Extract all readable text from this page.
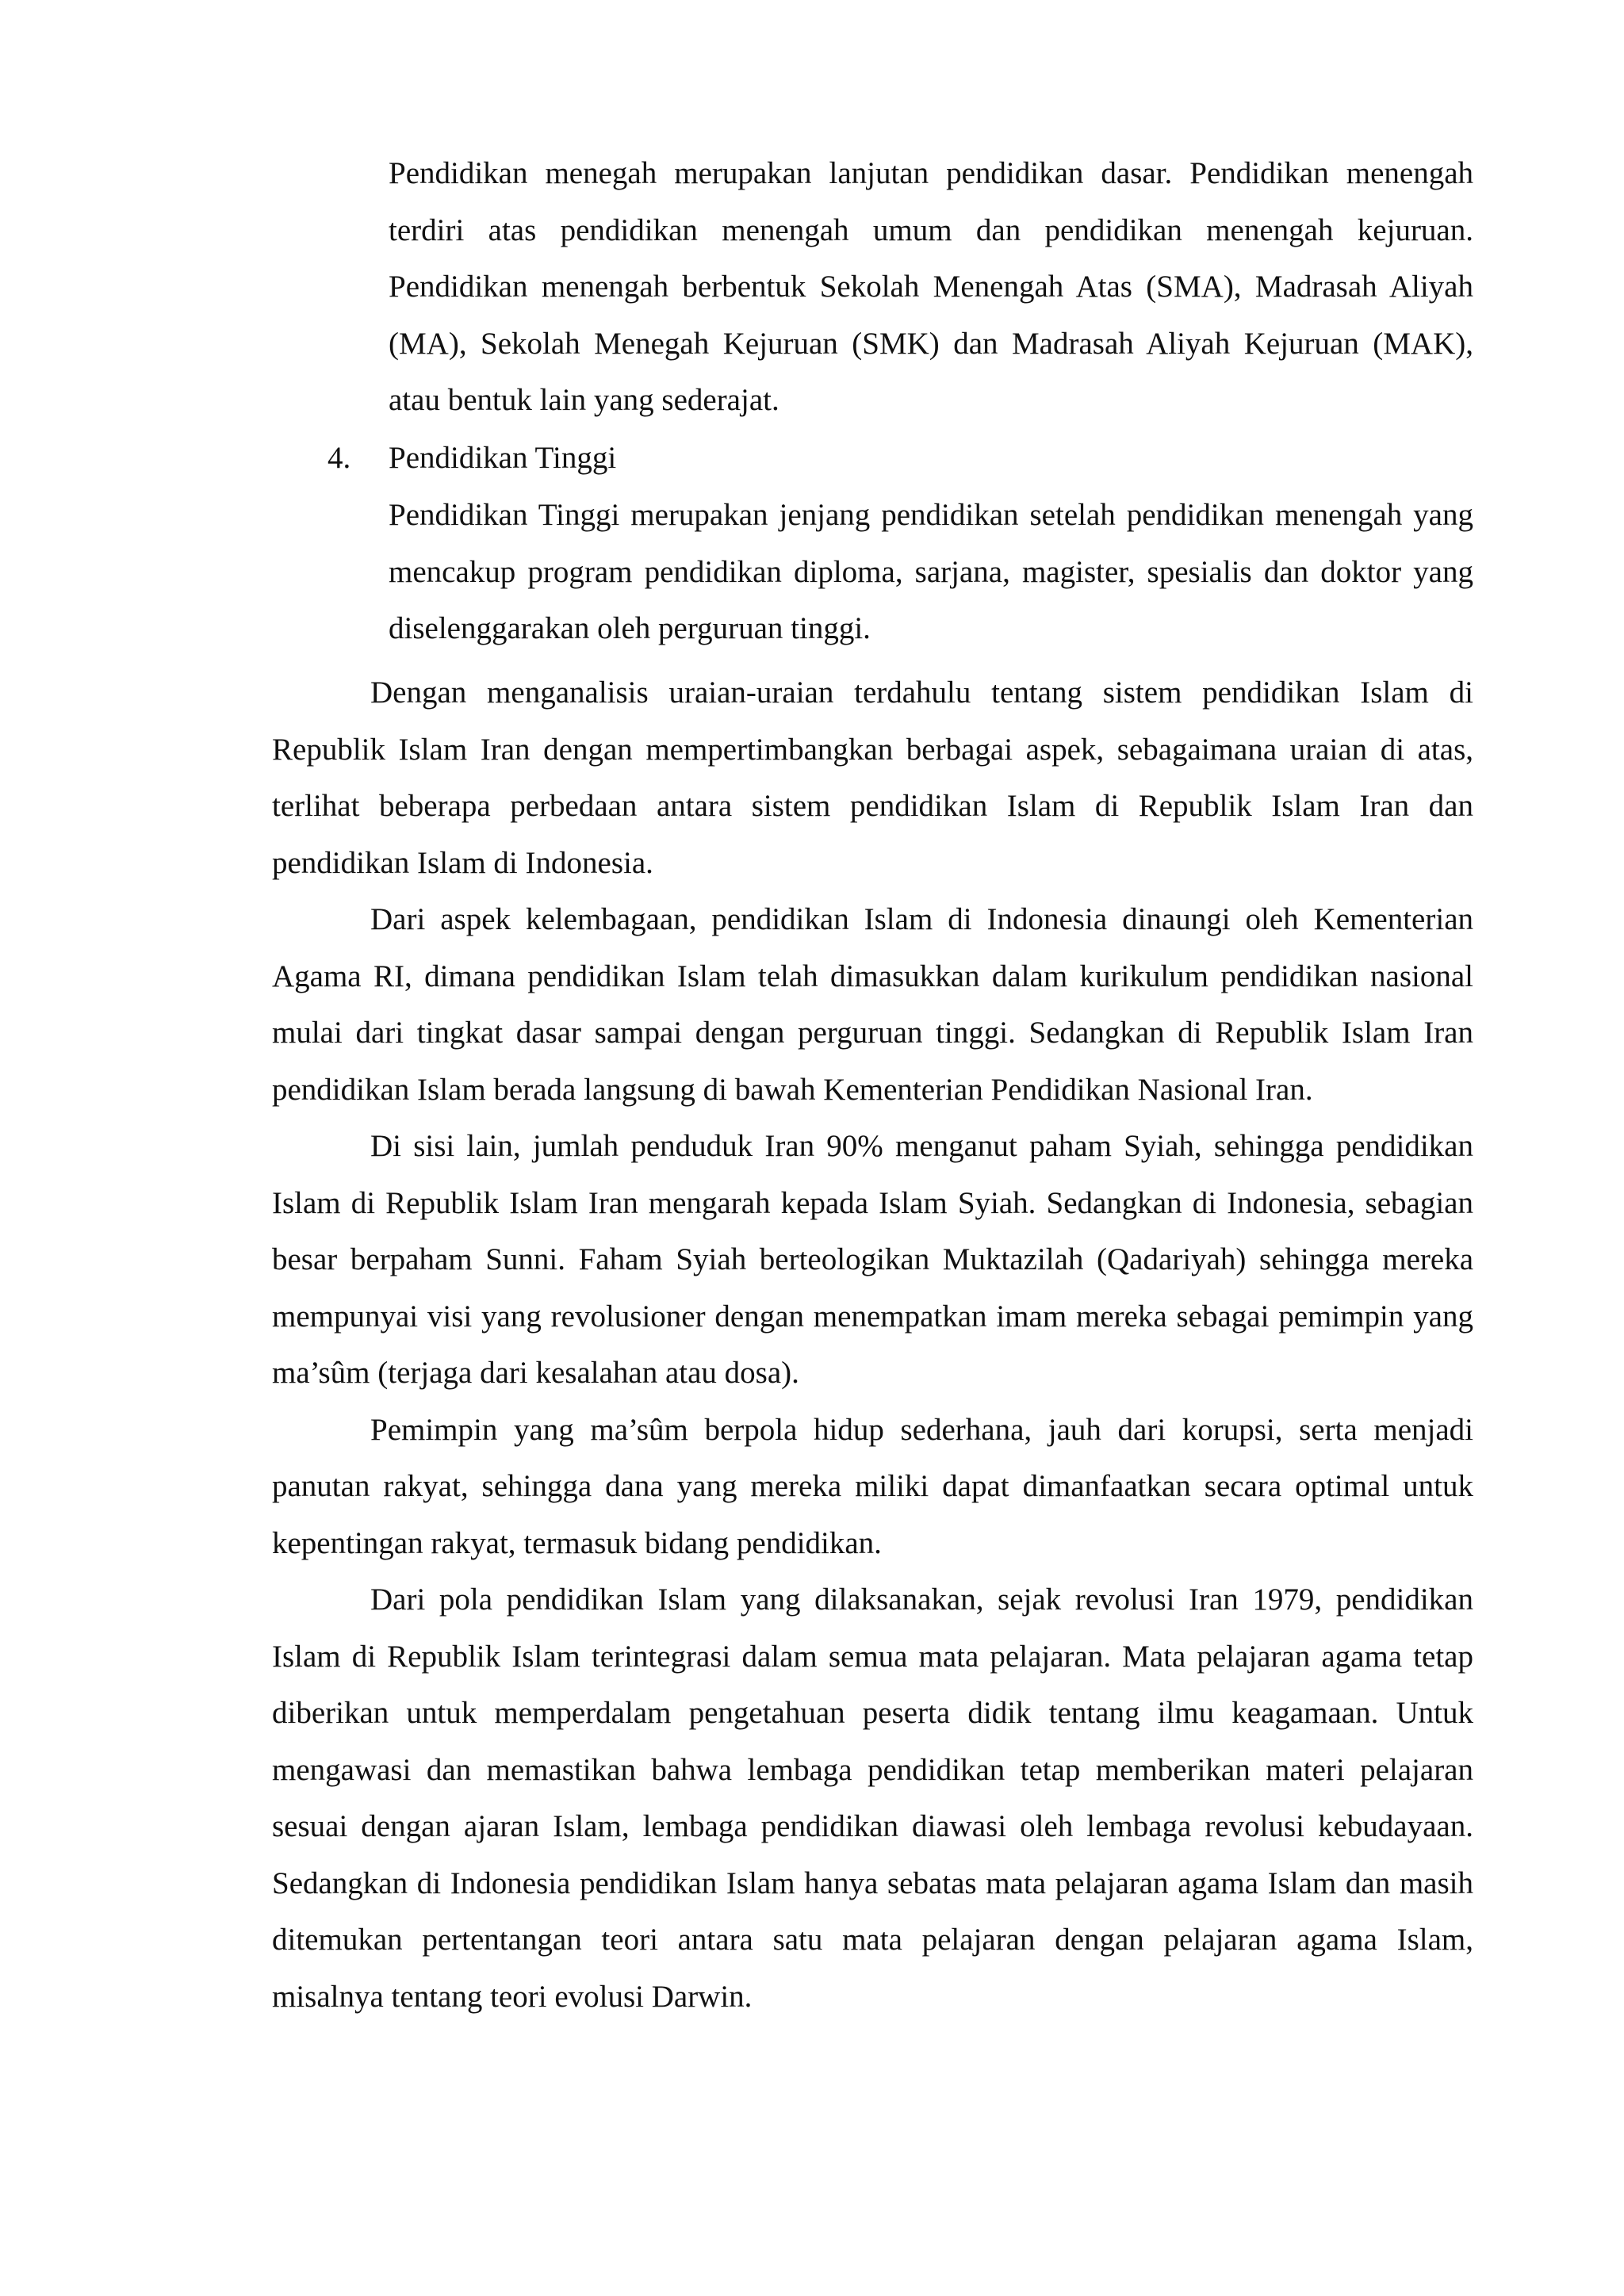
Pendidikan menegah merupakan lanjutan pendidikan dasar. Pendidikan menengah terdiri atas pendidikan menengah umum dan pendidikan menengah kejuruan. Pendidikan menengah berbentuk Sekolah Menengah Atas (SMA), Madrasah Aliyah (MA), Sekolah Menegah Kejuruan (SMK) dan Madrasah Aliyah Kejuruan (MAK), atau bentuk lain yang sederajat.
4. Pendidikan Tinggi
Pendidikan Tinggi merupakan jenjang pendidikan setelah pendidikan menengah yang mencakup program pendidikan diploma, sarjana, magister, spesialis dan doktor yang diselenggarakan oleh perguruan tinggi.

Dengan menganalisis uraian-uraian terdahulu tentang sistem pendidikan Islam di Republik Islam Iran dengan mempertimbangkan berbagai aspek, sebagaimana uraian di atas, terlihat beberapa perbedaan antara sistem pendidikan Islam di Republik Islam Iran dan pendidikan Islam di Indonesia.

Dari aspek kelembagaan, pendidikan Islam di Indonesia dinaungi oleh Kementerian Agama RI, dimana pendidikan Islam telah dimasukkan dalam kurikulum pendidikan nasional mulai dari tingkat dasar sampai dengan perguruan tinggi. Sedangkan di Republik Islam Iran pendidikan Islam berada langsung di bawah Kementerian Pendidikan Nasional Iran.

Di sisi lain, jumlah penduduk Iran 90% menganut paham Syiah, sehingga pendidikan Islam di Republik Islam Iran mengarah kepada Islam Syiah. Sedangkan di Indonesia, sebagian besar berpaham Sunni. Faham Syiah berteologikan Muktazilah (Qadariyah) sehingga mereka mempunyai visi yang revolusioner dengan menempatkan imam mereka sebagai pemimpin yang ma’sûm (terjaga dari kesalahan atau dosa).

Pemimpin yang ma’sûm berpola hidup sederhana, jauh dari korupsi, serta menjadi panutan rakyat, sehingga dana yang mereka miliki dapat dimanfaatkan secara optimal untuk kepentingan rakyat, termasuk bidang pendidikan.

Dari pola pendidikan Islam yang dilaksanakan, sejak revolusi Iran 1979, pendidikan Islam di Republik Islam terintegrasi dalam semua mata pelajaran. Mata pelajaran agama tetap diberikan untuk memperdalam pengetahuan peserta didik tentang ilmu keagamaan. Untuk mengawasi dan memastikan bahwa lembaga pendidikan tetap memberikan materi pelajaran sesuai dengan ajaran Islam, lembaga pendidikan diawasi oleh lembaga revolusi kebudayaan. Sedangkan di Indonesia pendidikan Islam hanya sebatas mata pelajaran agama Islam dan masih ditemukan pertentangan teori antara satu mata pelajaran dengan pelajaran agama Islam, misalnya tentang teori evolusi Darwin.
